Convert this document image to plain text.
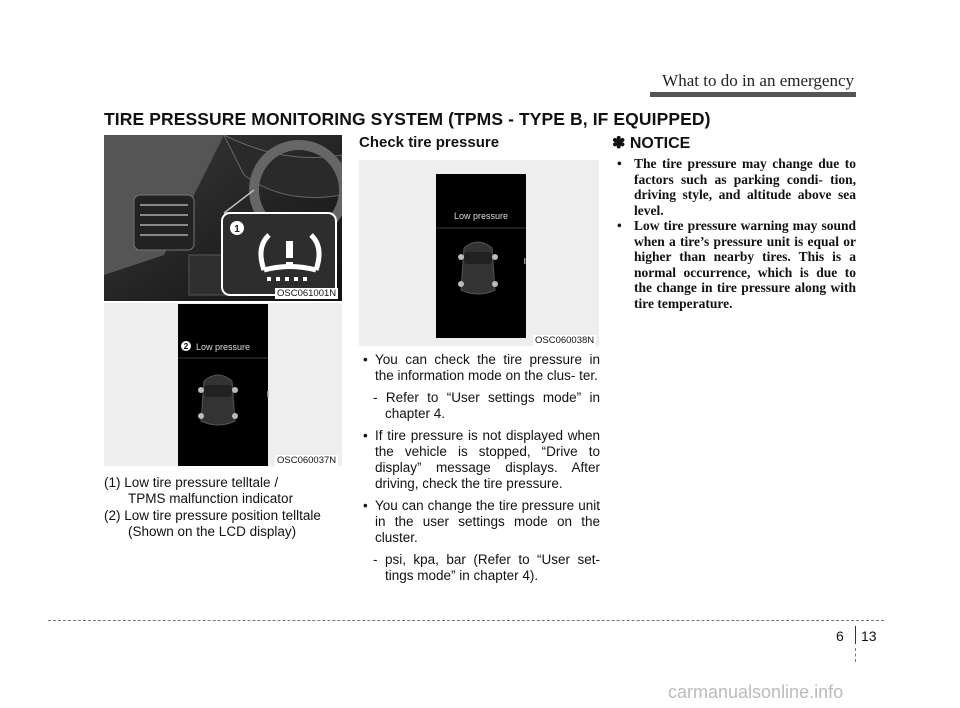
What to do in an emergency
TIRE PRESSURE MONITORING SYSTEM (TPMS - TYPE B, IF EQUIPPED)
1
OSC061001N
2 Low pressure
OSC060037N
(1) Low tire pressure telltale /
TPMS malfunction indicator
(2) Low tire pressure position telltale
(Shown on the LCD display)
Check tire pressure
Low pressure
OSC060038N
• You can check the tire pressure in the information mode on the clus- ter.
- Refer to “User settings mode” in chapter 4.
• If tire pressure is not displayed when the vehicle is stopped, “Drive to display” message displays. After driving, check the tire pressure.
• You can change the tire pressure unit in the user settings mode on the cluster.
- psi, kpa, bar (Refer to “User set- tings mode” in chapter 4).
✽ NOTICE
• The tire pressure may change due to factors such as parking condi- tion, driving style, and altitude above sea level.
• Low tire pressure warning may sound when a tire’s pressure unit is equal or higher than nearby tires. This is a normal occurrence, which is due to the change in tire pressure along with tire temperature.
6 13
carmanualsonline.info
